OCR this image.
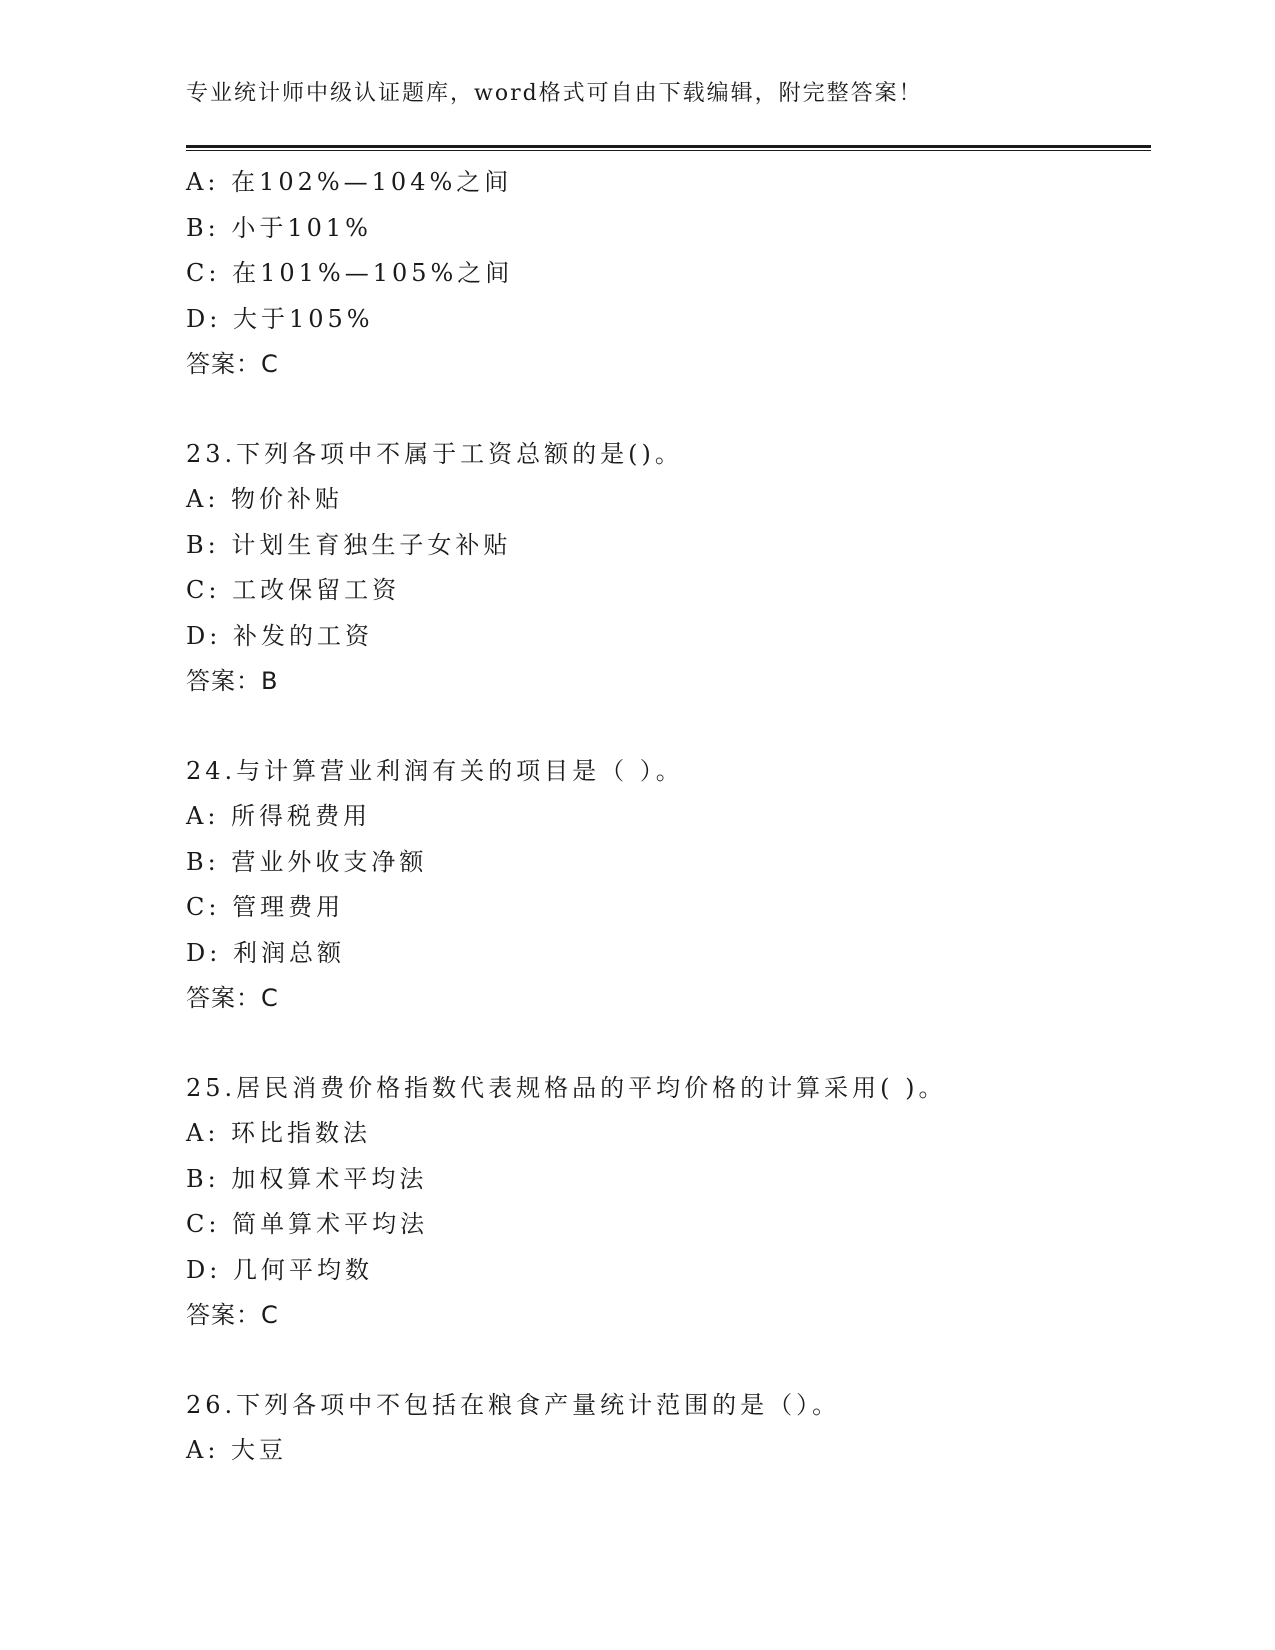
专业统计师中级认证题库，word格式可自由下载编辑，附完整答案！
A: 在102%—104%之间
B: 小于101%
C: 在101%—105%之间
D: 大于105%
答案：C
23.下列各项中不属于工资总额的是()。
A: 物价补贴
B: 计划生育独生子女补贴
C: 工改保留工资
D: 补发的工资
答案：B
24.与计算营业利润有关的项目是（ ）。
A: 所得税费用
B: 营业外收支净额
C: 管理费用
D: 利润总额
答案：C
25.居民消费价格指数代表规格品的平均价格的计算采用( )。
A: 环比指数法
B: 加权算术平均法
C: 简单算术平均法
D: 几何平均数
答案：C
26.下列各项中不包括在粮食产量统计范围的是（）。
A: 大豆
